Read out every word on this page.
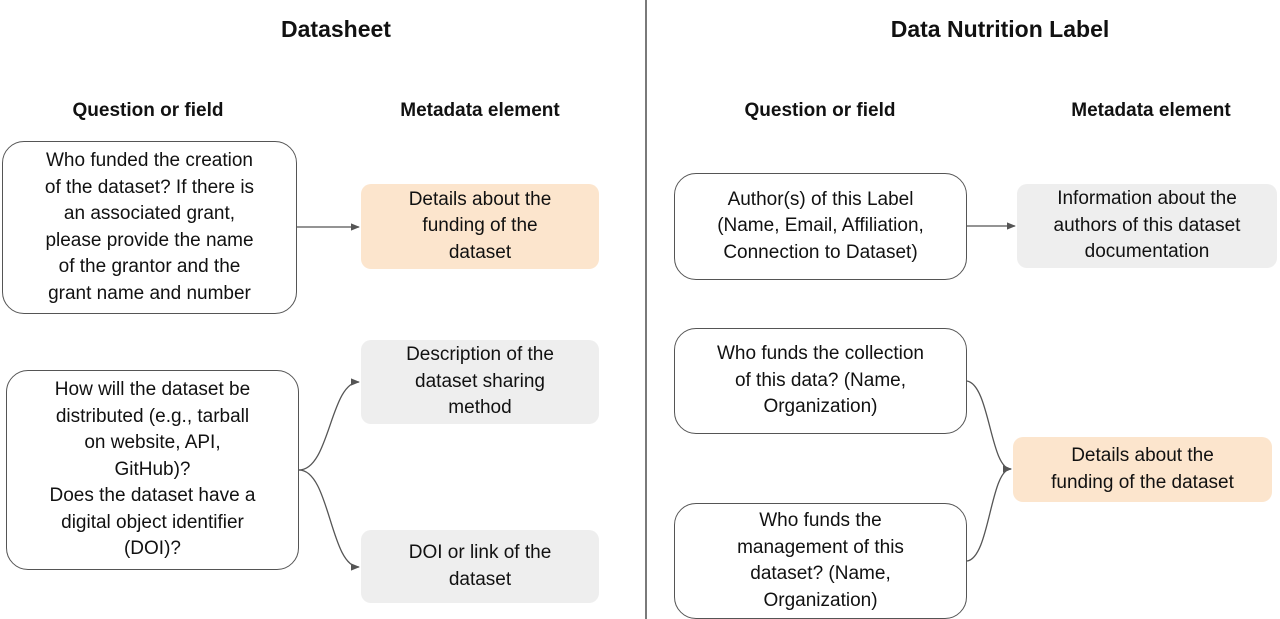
Datasheet
Question or field	Metadata element
Who funded the creation
of the dataset? If there is
an associated grant,
please provide the name
of the grantor and the
grant name and number
How will the dataset be
distributed (e.g., tarball
on website, API,
GitHub)?
Does the dataset have a
digital object identifier
(DOI)?
Details about the
funding of the
dataset
Description of the
dataset sharing
method
DOI or link of the
dataset
Data Nutrition Label
Question or field	Metadata element
Author(s) of this Label
(Name, Email, Affiliation,
Connection to Dataset)
Who funds the collection
of this data? (Name,
Organization)
Who funds the
management of this
dataset? (Name,
Organization)
Information about the
authors of this dataset
documentation
Details about the
funding of the dataset
